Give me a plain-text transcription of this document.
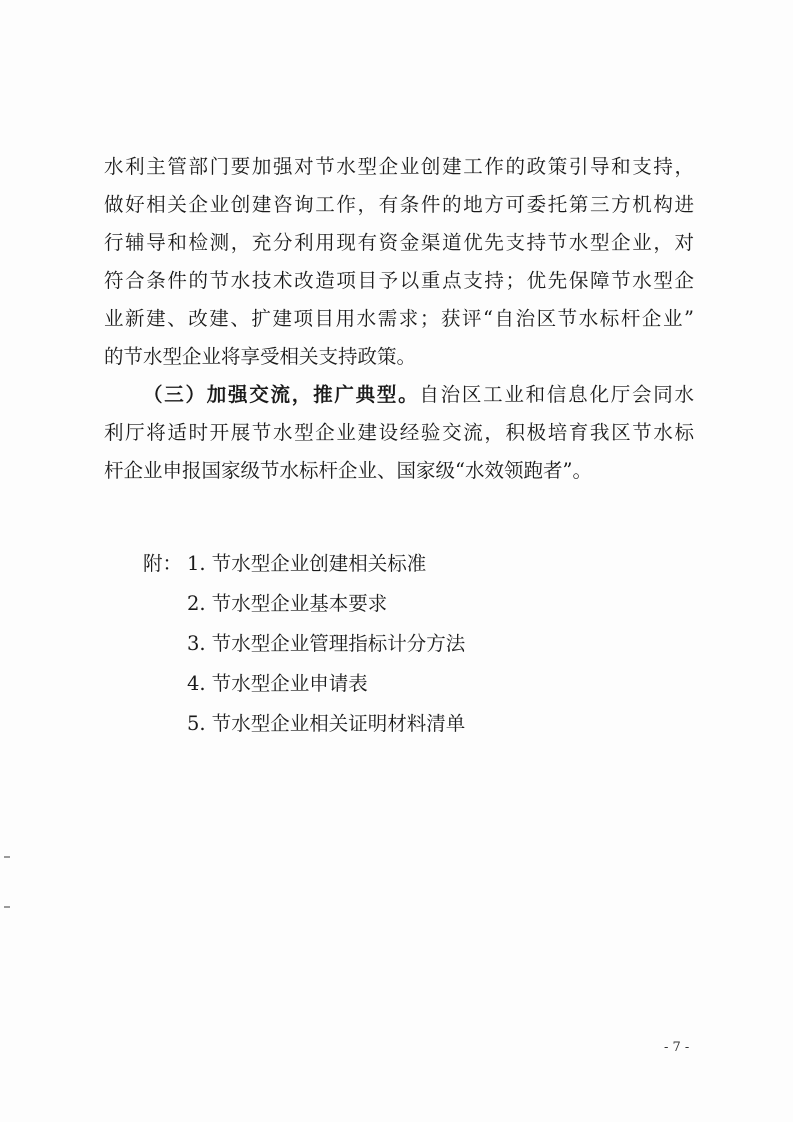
水利主管部门要加强对节水型企业创建工作的政策引导和支持，
做好相关企业创建咨询工作，有条件的地方可委托第三方机构进
行辅导和检测，充分利用现有资金渠道优先支持节水型企业，对
符合条件的节水技术改造项目予以重点支持；优先保障节水型企
业新建、改建、扩建项目用水需求；获评“自治区节水标杆企业”
的节水型企业将享受相关支持政策。
（三）加强交流，推广典型。自治区工业和信息化厅会同水
利厅将适时开展节水型企业建设经验交流，积极培育我区节水标
杆企业申报国家级节水标杆企业、国家级“水效领跑者”。
附： 1. 节水型企业创建相关标准
2. 节水型企业基本要求
3. 节水型企业管理指标计分方法
4. 节水型企业申请表
5. 节水型企业相关证明材料清单
- 7 -
